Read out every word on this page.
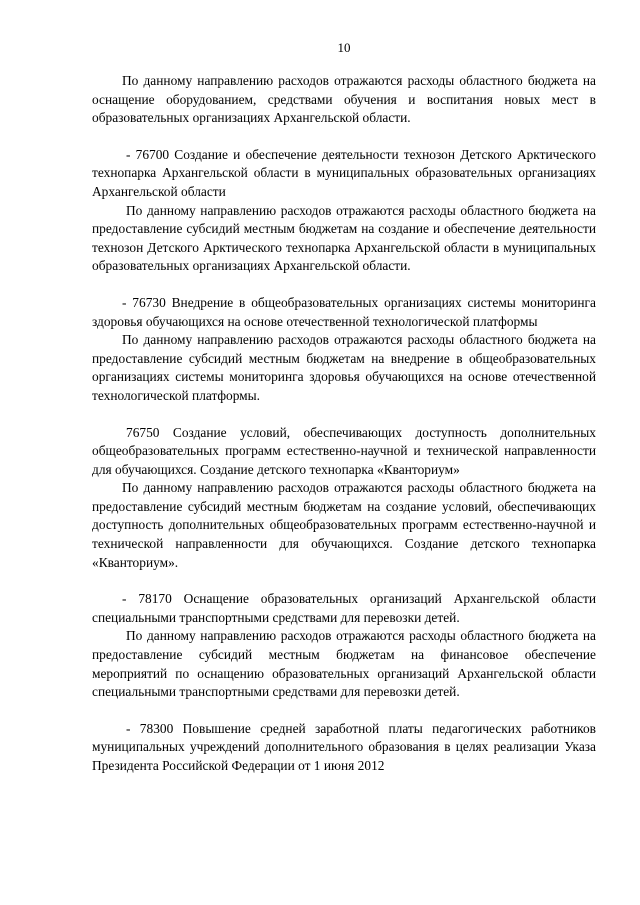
10

По данному направлению расходов отражаются расходы областного бюджета на оснащение оборудованием, средствами обучения и воспитания новых мест в образовательных организациях Архангельской области.

- 76700 Создание и обеспечение деятельности технозон Детского Арктического технопарка Архангельской области в муниципальных образовательных организациях Архангельской области

По данному направлению расходов отражаются расходы областного бюджета на предоставление субсидий местным бюджетам на создание и обеспечение деятельности технозон Детского Арктического технопарка Архангельской области в муниципальных образовательных организациях Архангельской области.

- 76730 Внедрение в общеобразовательных организациях системы мониторинга здоровья обучающихся на основе отечественной технологической платформы

По данному направлению расходов отражаются расходы областного бюджета на предоставление субсидий местным бюджетам на внедрение в общеобразовательных организациях системы мониторинга здоровья обучающихся на основе отечественной технологической платформы.

76750 Создание условий, обеспечивающих доступность дополнительных общеобразовательных программ естественно-научной и технической направленности для обучающихся. Создание детского технопарка «Кванториум»

По данному направлению расходов отражаются расходы областного бюджета на предоставление субсидий местным бюджетам на создание условий, обеспечивающих доступность дополнительных общеобразовательных программ естественно-научной и технической направленности для обучающихся. Создание детского технопарка «Кванториум».

- 78170 Оснащение образовательных организаций Архангельской области специальными транспортными средствами для перевозки детей.

По данному направлению расходов отражаются расходы областного бюджета на предоставление субсидий местным бюджетам на финансовое обеспечение мероприятий по оснащению образовательных организаций Архангельской области специальными транспортными средствами для перевозки детей.

- 78300 Повышение средней заработной платы педагогических работников муниципальных учреждений дополнительного образования в целях реализации Указа Президента Российской Федерации от 1 июня 2012
